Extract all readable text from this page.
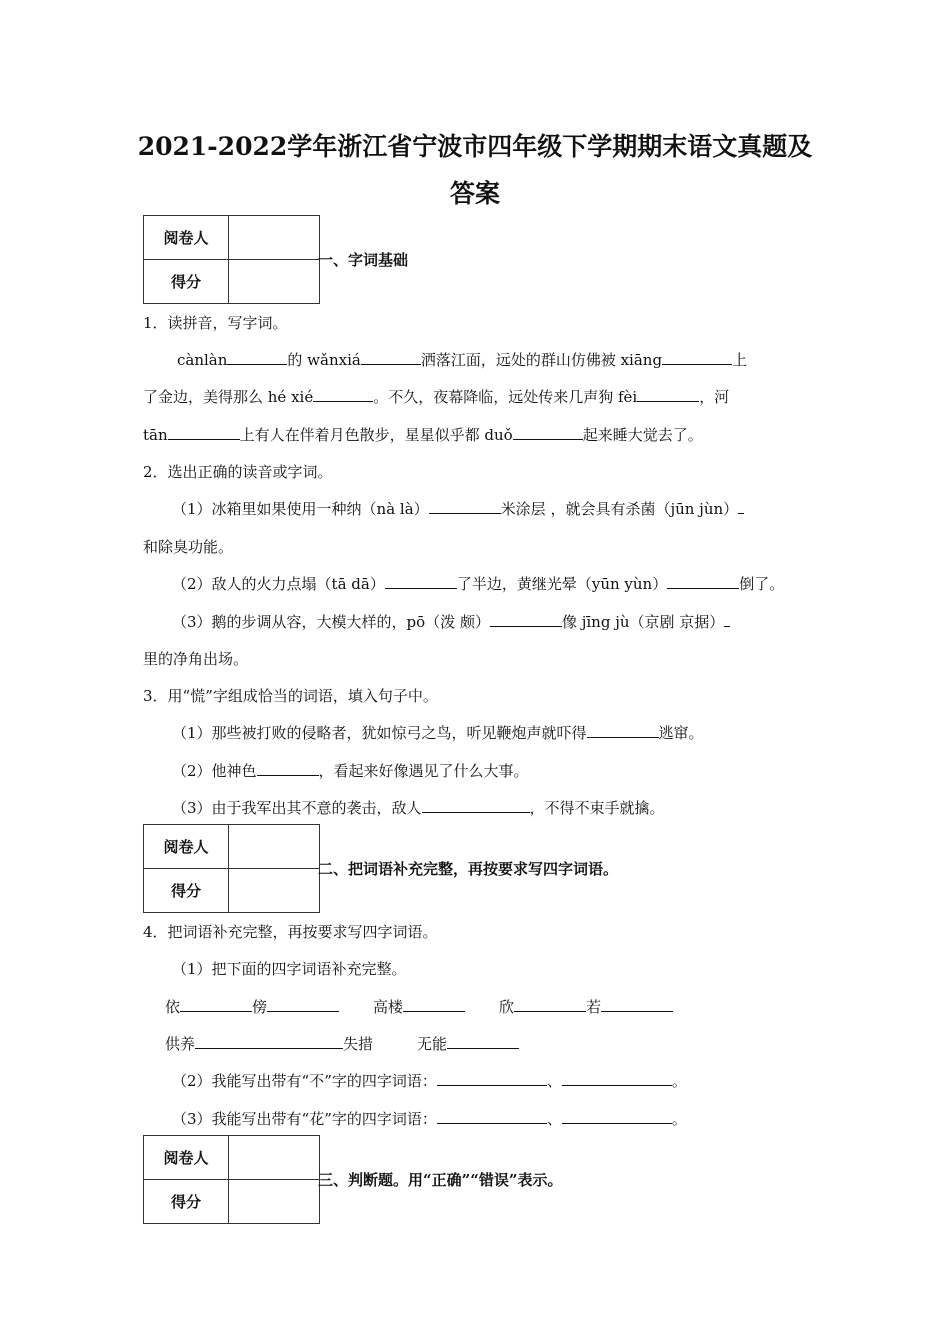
2021-2022学年浙江省宁波市四年级下学期期末语文真题及
答案
阅卷人	
得分	
一、字词基础
1．读拼音，写字词。
cànlàn	的 wǎnxiá	洒落江面，远处的群山仿佛被 xiāng	上
了金边，美得那么 hé xié	。不久，夜幕降临，远处传来几声狗 fèi	，河
tān	上有人在伴着月色散步，星星似乎都 duǒ	起来睡大觉去了。
2．选出正确的读音或字词。
（1）冰箱里如果使用一种纳（nà là）	米涂层 ，就会具有杀菌（jūn jùn）
和除臭功能。
（2）敌人的火力点塌（tā dā）	了半边，黄继光晕（yūn yùn）	倒了。
（3）鹅的步调从容，大模大样的，pō（泼 颇）	像 jīng jù（京剧 京据）
里的净角出场。
3．用“慌”字组成恰当的词语，填入句子中。
（1）那些被打败的侵略者，犹如惊弓之鸟，听见鞭炮声就吓得	逃窜。
（2）他神色	，看起来好像遇见了什么大事。
（3）由于我军出其不意的袭击，敌人	，不得不束手就擒。
阅卷人	
得分	
二、把词语补充完整，再按要求写四字词语。
4．把词语补充完整，再按要求写四字词语。
（1）把下面的四字词语补充完整。
依	傍	高楼	欣	若
供养	失措	无能
（2）我能写出带有“不”字的四字词语：	、	。
（3）我能写出带有“花”字的四字词语：	、	。
阅卷人	
得分	
三、判断题。用“正确”“错误”表示。
